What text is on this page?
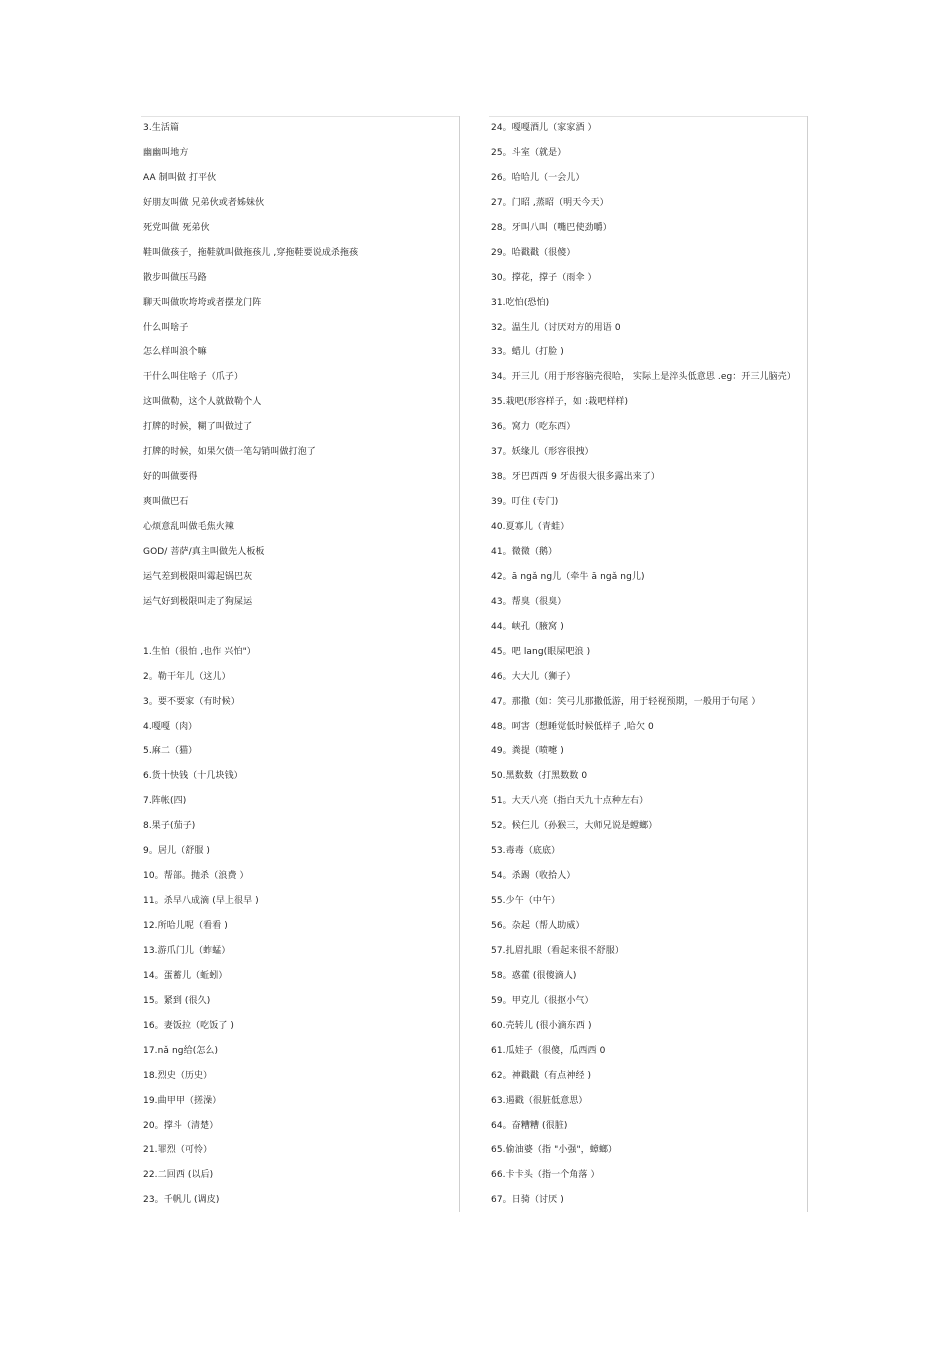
3.生活篇
幽幽叫地方
AA 制叫做 打平伙
好朋友叫做 兄弟伙或者姊妹伙
死党叫做 死弟伙
鞋叫做孩子，拖鞋就叫做拖孩儿 ,穿拖鞋要说成杀拖孩
散步叫做压马路
聊天叫做吹垮垮或者摆龙门阵
什么叫啥子
怎么样叫浪个嘛
干什么叫住啥子（爪子）
这叫做勒，这个人就做勒个人
打牌的时候，糊了叫做过了
打牌的时候，如果欠债一笔勾销叫做打泡了
好的叫做要得
爽叫做巴石
心烦意乱叫做毛焦火辣
GOD/ 菩萨/真主叫做先人板板
运气差到极限叫霉起锅巴灰
运气好到极限叫走了狗屎运
1.生怕（很怕 ,也作 兴怕"）
2。勒干年儿（这儿）
3。要不要家（有时候）
4.嘎嘎（肉）
5.麻二（猫）
6.货十快钱（十几块钱）
7.阵帐(四)
8.果子(茄子)
9。居儿（舒服 )
10。帮部。抛杀（浪费 ）
11。杀早八成滴 (早上很早 )
12.所哈儿呢（看看 )
13.游爪门儿（蚱蜢）
14。蛋蓄儿（蚯蚓）
15。紧到 (很久)
16。妻饭拉（吃饭了 )
17.nǎ ng给(怎么)
18.烈史（历史）
19.曲甲甲（搓澡）
20。撑斗（清楚）
21.罪烈（可怜）
22.二回西 (以后)
23。千帆儿 (调皮)
24。嘎嘎酒儿（家家酒 ）
25。斗室（就是）
26。哈哈儿（一会儿）
27。门昭 ,蒸昭（明天今天）
28。牙叫八叫（嘴巴使劲嚼）
29。哈戳戳（很傻）
30。撑花，撑子（雨伞 ）
31.吃怕(恐怕)
32。温生儿（讨厌对方的用语 0
33。蜡儿（打脸 )
34。开三儿（用于形容脑壳很哈， 实际上是淬头低意思 .eg：开三儿脑壳）
35.栽吧(形容样子，如 :栽吧样样)
36。窝力（吃东西）
37。妖缘儿（形容很拽）
38。牙巴西西 9 牙齿很大很多露出来了）
39。叮住 (专门)
40.夏寡儿（青蛙）
41。微微（鹅）
42。ā ngǎ ng儿（牵牛 ā ngǎ ng儿)
43。帮臭（很臭）
44。峡孔（腋窝 )
45。吧 lang(眼屎吧浪 )
46。大大儿（狮子）
47。那撒（如：笑弓儿那撒低游，用于轻视预期，一般用于句尾 ）
48。呵害（想睡觉低时候低样子 ,哈欠 0
49。粪提（喷嚏 )
50.黑数数（打黑数数 0
51。大天八亮（指白天九十点种左右）
52。候仨儿（孙猴三，大师兄说是螳螂）
53.毒毒（底底）
54。杀踢（收拾人）
55.少午（中午）
56。杂起（帮人助威）
57.扎眉扎眼（看起来很不舒服）
58。惑藿 (很傻滴人)
59。甲克儿（很抠小气）
60.壳转儿 (很小滴东西 )
61.瓜娃子（很傻，瓜西西 0
62。神戳戳（有点神经 )
63.遏戳（很脏低意思）
64。奋糟糟 (很脏)
65.偷油婆（指 "小强"，蟑螂）
66.卡卡头（指一个角落 ）
67。日骑（讨厌 )
